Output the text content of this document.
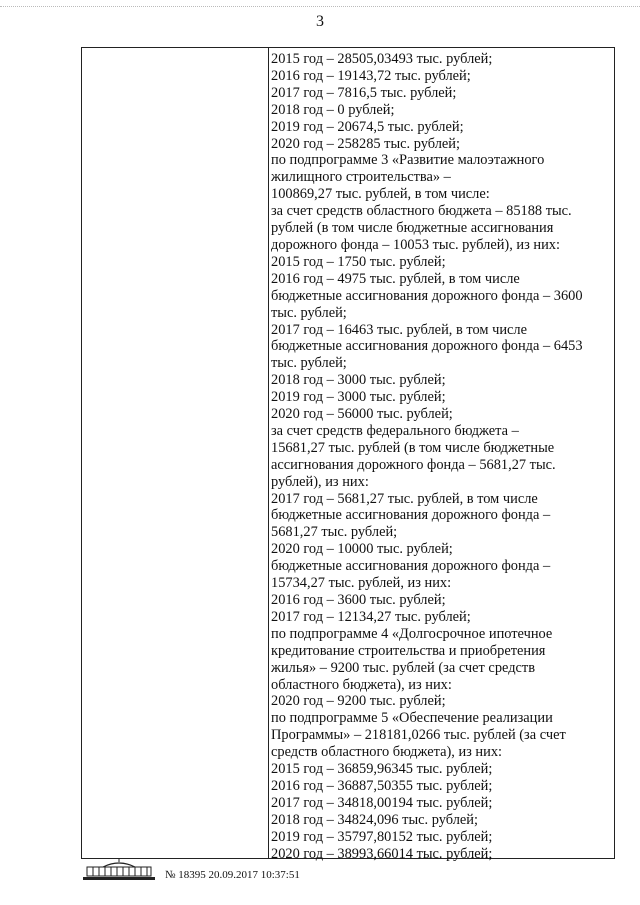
3
2015 год – 28505,03493 тыс. рублей;
2016 год – 19143,72 тыс. рублей;
2017 год – 7816,5 тыс. рублей;
2018 год – 0 рублей;
2019 год – 20674,5 тыс. рублей;
2020 год – 258285 тыс. рублей;
по подпрограмме 3 «Развитие малоэтажного
жилищного строительства» –
100869,27 тыс. рублей, в том числе:
за счет средств областного бюджета – 85188 тыс.
рублей (в том числе бюджетные ассигнования
дорожного фонда – 10053 тыс. рублей), из них:
2015 год – 1750 тыс. рублей;
2016 год – 4975 тыс. рублей, в том числе
бюджетные ассигнования дорожного фонда – 3600
тыс. рублей;
2017 год – 16463 тыс. рублей, в том числе
бюджетные ассигнования дорожного фонда – 6453
тыс. рублей;
2018 год – 3000 тыс. рублей;
2019 год – 3000 тыс. рублей;
2020 год – 56000 тыс. рублей;
за счет средств федерального бюджета –
15681,27 тыс. рублей (в том числе бюджетные
ассигнования дорожного фонда – 5681,27 тыс.
рублей), из них:
2017 год – 5681,27 тыс. рублей, в том числе
бюджетные ассигнования дорожного фонда –
5681,27 тыс. рублей;
2020 год – 10000 тыс. рублей;
бюджетные ассигнования дорожного фонда –
15734,27 тыс. рублей, из них:
2016 год – 3600 тыс. рублей;
2017 год – 12134,27 тыс. рублей;
по подпрограмме 4 «Долгосрочное ипотечное
кредитование строительства и приобретения
жилья» – 9200 тыс. рублей (за счет средств
областного бюджета), из них:
2020 год – 9200 тыс. рублей;
по подпрограмме 5 «Обеспечение реализации
Программы» – 218181,0266 тыс. рублей (за счет
средств областного бюджета), из них:
2015 год – 36859,96345 тыс. рублей;
2016 год – 36887,50355 тыс. рублей;
2017 год – 34818,00194 тыс. рублей;
2018 год – 34824,096 тыс. рублей;
2019 год – 35797,80152 тыс. рублей;
2020 год – 38993,66014 тыс. рублей;
№ 18395 20.09.2017 10:37:51
